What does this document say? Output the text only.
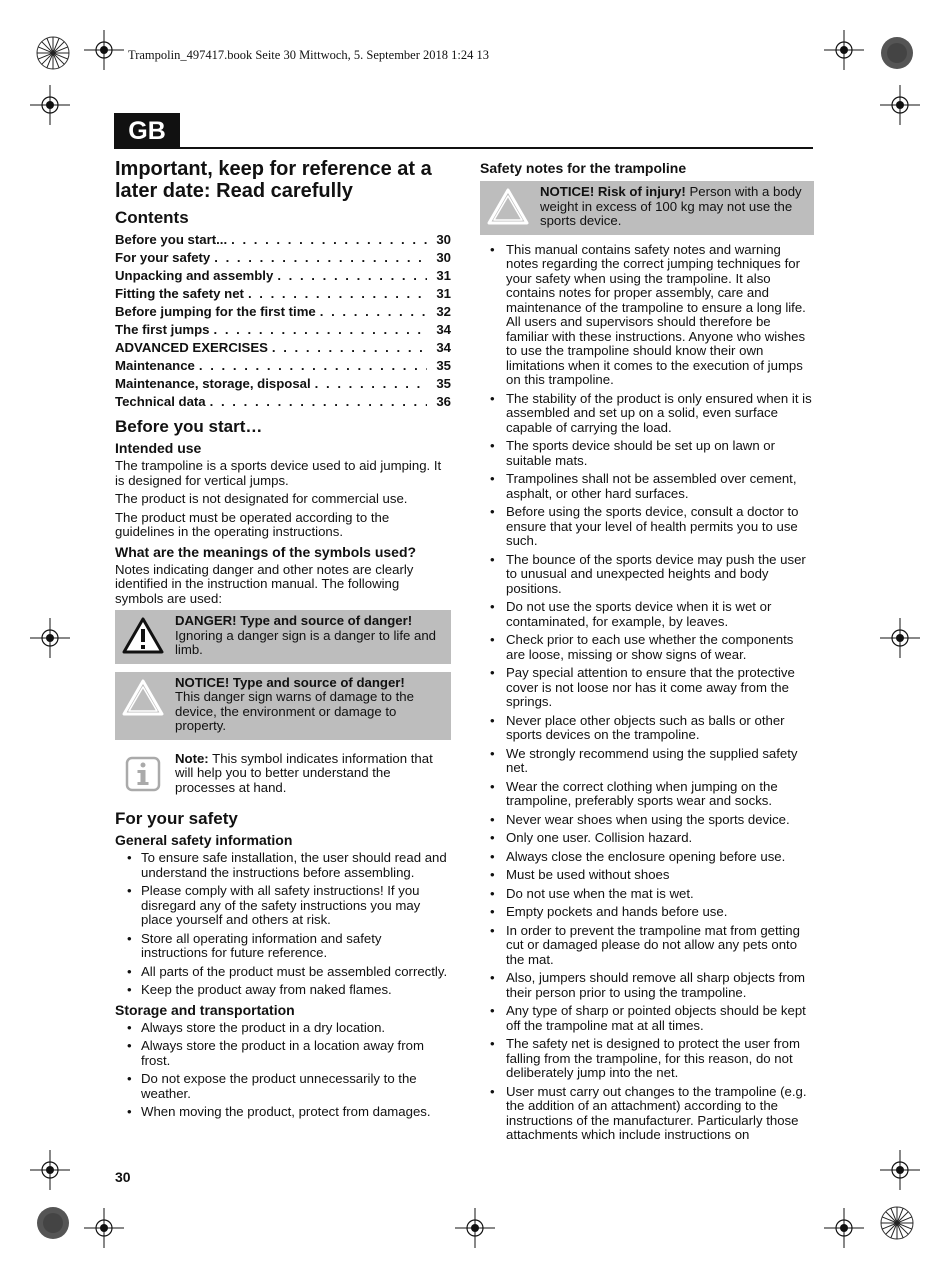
Trampolin_497417.book Seite 30 Mittwoch, 5. September 2018 1:24 13
GB
Important, keep for reference at a later date: Read carefully
Contents
Before you start... . . .	30
For your safety . . .	30
Unpacking and assembly . . .	31
Fitting the safety net . . .	31
Before jumping for the first time . . .	32
The first jumps . . .	34
ADVANCED EXERCISES . . .	34
Maintenance . . .	35
Maintenance, storage, disposal . . .	35
Technical data . . .	36
Before you start…
Intended use
The trampoline is a sports device used to aid jumping. It is designed for vertical jumps.
The product is not designated for commercial use.
The product must be operated according to the guidelines in the operating instructions.
What are the meanings of the symbols used?
Notes indicating danger and other notes are clearly identified in the instruction manual. The following symbols are used:
DANGER! Type and source of danger!
Ignoring a danger sign is a danger to life and limb.
NOTICE! Type and source of danger!
This danger sign warns of damage to the device, the environment or damage to property.
Note: This symbol indicates information that will help you to better understand the processes at hand.
For your safety
General safety information
• To ensure safe installation, the user should read and understand the instructions before assembling.
• Please comply with all safety instructions! If you disregard any of the safety instructions you may place yourself and others at risk.
• Store all operating information and safety instructions for future reference.
• All parts of the product must be assembled correctly.
• Keep the product away from naked flames.
Storage and transportation
• Always store the product in a dry location.
• Always store the product in a location away from frost.
• Do not expose the product unnecessarily to the weather.
• When moving the product, protect from damages.
Safety notes for the trampoline
NOTICE! Risk of injury! Person with a body weight in excess of 100 kg may not use the sports device.
• This manual contains safety notes and warning notes regarding the correct jumping techniques for your safety when using the trampoline. It also contains notes for proper assembly, care and maintenance of the trampoline to ensure a long life. All users and supervisors should therefore be familiar with these instructions. Anyone who wishes to use the trampoline should know their own limitations when it comes to the execution of jumps on this trampoline.
• The stability of the product is only ensured when it is assembled and set up on a solid, even surface capable of carrying the load.
• The sports device should be set up on lawn or suitable mats.
• Trampolines shall not be assembled over cement, asphalt, or other hard surfaces.
• Before using the sports device, consult a doctor to ensure that your level of health permits you to use such.
• The bounce of the sports device may push the user to unusual and unexpected heights and body positions.
• Do not use the sports device when it is wet or contaminated, for example, by leaves.
• Check prior to each use whether the components are loose, missing or show signs of wear.
• Pay special attention to ensure that the protective cover is not loose nor has it come away from the springs.
• Never place other objects such as balls or other sports devices on the trampoline.
• We strongly recommend using the supplied safety net.
• Wear the correct clothing when jumping on the trampoline, preferably sports wear and socks.
• Never wear shoes when using the sports device.
• Only one user. Collision hazard.
• Always close the enclosure opening before use.
• Must be used without shoes
• Do not use when the mat is wet.
• Empty pockets and hands before use.
• In order to prevent the trampoline mat from getting cut or damaged please do not allow any pets onto the mat.
• Also, jumpers should remove all sharp objects from their person prior to using the trampoline.
• Any type of sharp or pointed objects should be kept off the trampoline mat at all times.
• The safety net is designed to protect the user from falling from the trampoline, for this reason, do not deliberately jump into the net.
• User must carry out changes to the trampoline (e.g. the addition of an attachment) according to the instructions of the manufacturer. Particularly those attachments which include instructions on
30
